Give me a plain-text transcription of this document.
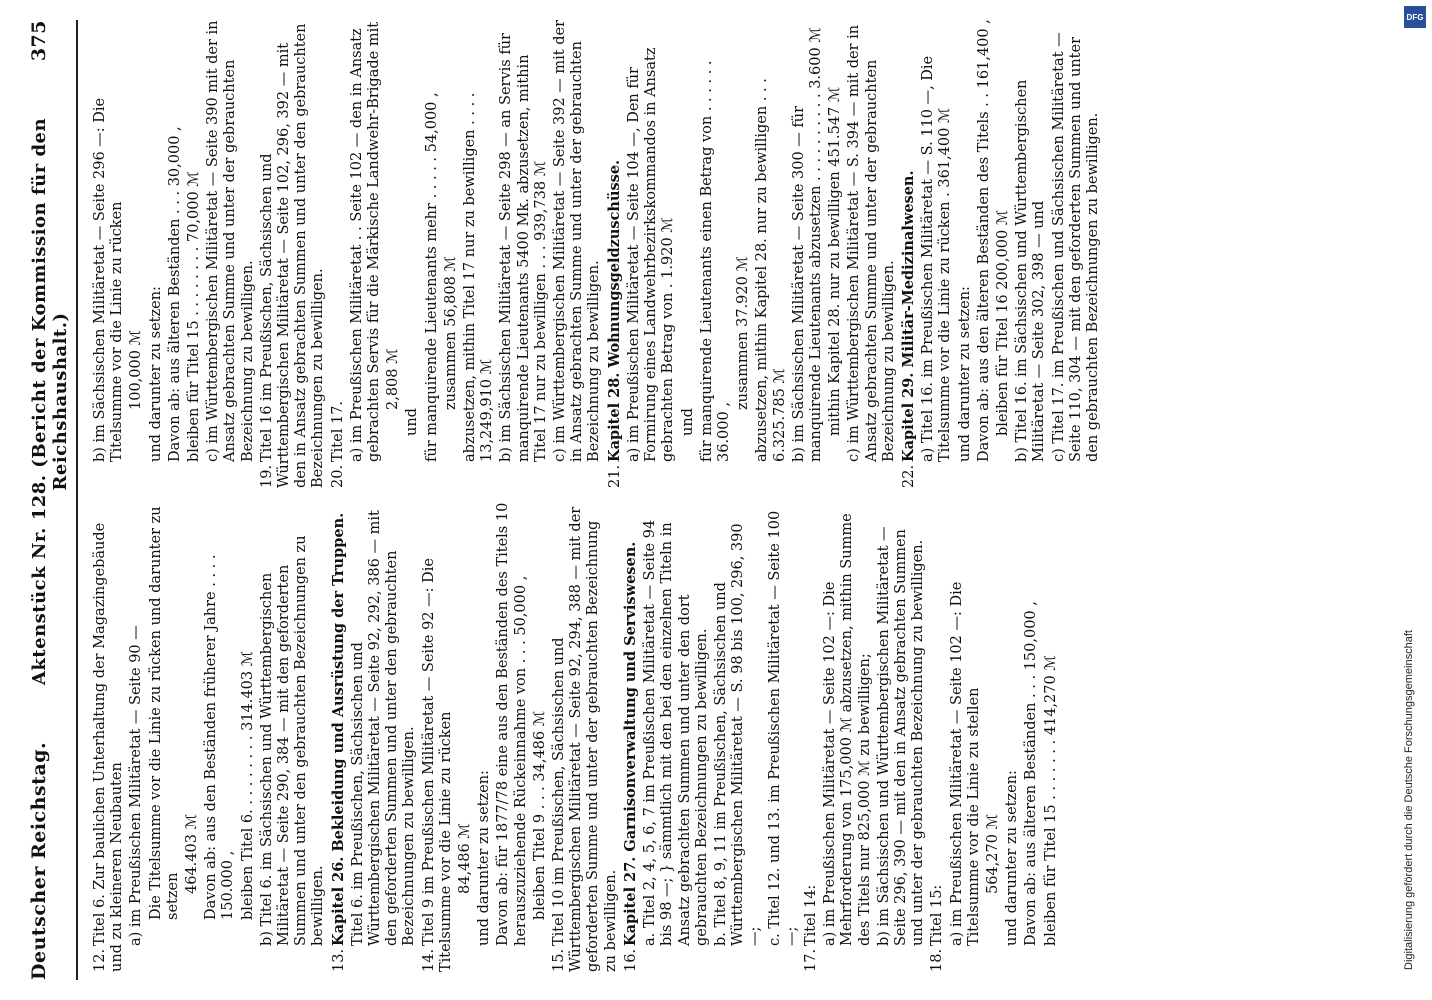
Deutscher Reichstag.
Aktenstück Nr. 128. (Bericht der Kommission für den Reichshaushalt.)
375

12.Titel 6. Zur baulichen Unterhaltung der Magazingebäude und zu kleineren Neubauten a) im Preußischen Militäretat — Seite 90 — Die Titelsumme vor die Linie zu rücken und darunter zu setzen

464.403 ℳ Davon ab: aus den Beständen früherer Jahre . . . . 150.000 , bleiben Titel 6. . . . . . . . . 314.403 ℳ b) Titel 6. im Sächsischen und Württembergischen Militäretat — Seite 290, 384 — mit den geforderten Summen und unter den gebrauchten Bezeichnungen zu bewilligen.

13.Kapitel 26. Bekleidung und Ausrüstung der Truppen. Titel 6. im Preußischen, Sächsischen und Württembergischen Militäretat — Seite 92, 292, 386 — mit den geforderten Summen und unter den gebrauchten Bezeichnungen zu bewilligen.

14.Titel 9 im Preußischen Militäretat — Seite 92 —: Die Titelsumme vor die Linie zu rücken 84,486 ℳ und darunter zu setzen: Davon ab: für 1877/78 eine aus den Beständen des Titels 10 herauszuziehende Rückeinnahme von . . . 50,000 , bleiben Titel 9 . . . 34,486 ℳ

15.Titel 10 im Preußischen, Sächsischen und Württembergischen Militäretat — Seite 92, 294, 388 — mit der geforderten Summe und unter der gebrauchten Bezeichnung zu bewilligen. 16.Kapitel 27. Garnisonverwaltung und Serviswesen. a. Titel 2, 4, 5, 6, 7 im Preußischen Militäretat — Seite 94 bis 98 —; } sämmtlich mit den bei den einzelnen Titeln in Ansatz gebrachten Summen und unter den dort gebrauchten Bezeichnungen zu bewilligen. b. Titel 8, 9, 11 im Preußischen, Sächsischen und Württembergischen Militäretat — S. 98 bis 100, 296, 390 —; c. Titel 12. und 13. im Preußischen Militäretat — Seite 100 —;

17.Titel 14: a) im Preußischen Militäretat — Seite 102 —: Die Mehrforderung von 175,000 ℳ abzusetzen, mithin Summe des Titels nur 825,000 ℳ zu bewilligen; b) im Sächsischen und Württembergischen Militäretat — Seite 296, 390 — mit den in Ansatz gebrachten Summen und unter der gebrauchten Bezeichnung zu bewilligen.

18.Titel 15: a) im Preußischen Militäretat — Seite 102 —: Die Titelsumme vor die Linie zu stellen 564,270 ℳ und darunter zu setzen: Davon ab: aus älteren Beständen . . . 150,000 , bleiben für Titel 15 . . . . . . . 414,270 ℳ

b) im Sächsischen Militäretat — Seite 296 —: Die Titelsumme vor die Linie zu rücken 100,000 ℳ und darunter zu setzen: Davon ab: aus älteren Beständen . . . 30,000 , bleiben für Titel 15 . . . . . . . . 70,000 ℳ c) im Württembergischen Militäretat — Seite 390 mit der in Ansatz gebrachten Summe und unter der gebrauchten Bezeichnung zu bewilligen.

19.Titel 16 im Preußischen, Sächsischen und Württembergischen Militäretat — Seite 102, 296, 392 — mit den in Ansatz gebrachten Summen und unter den gebrauchten Bezeichnungen zu bewilligen. 20.Titel 17. a) im Preußischen Militäretat . . Seite 102 — den in Ansatz gebrachten Servis für die Märkische Landwehr-Brigade mit 2,808 ℳ

und für manquirende Lieutenants mehr . . . . . 54,000 , zusammen 56,808 ℳ abzusetzen, mithin Titel 17 nur zu bewilligen . . . . 13,249,910 ℳ b) im Sächsischen Militäretat — Seite 298 — an Servis für manquirende Lieutenants 5400 Mk. abzusetzen, mithin Titel 17 nur zu bewilligen . . . 939,738 ℳ c) im Württembergischen Militäretat — Seite 392 — mit der in Ansatz gebrachten Summe und unter der gebrauchten Bezeichnung zu bewilligen.

21.Kapitel 28. Wohnungsgeldzuschüsse. a) im Preußischen Militäretat — Seite 104 —, Den für Formirung eines Landwehrbezirkskommandos in Ansatz gebrachten Betrag von . 1.920 ℳ und für manquirende Lieutenants einen Betrag von . . . . . . 36.000 ,

zusammen 37.920 ℳ abzusetzen, mithin Kapitel 28. nur zu bewilligen . . . 6.325.785 ℳ b) im Sächsischen Militäretat — Seite 300 — für manquirende Lieutenants abzusetzen . . . . . . . . . . 3.600 ℳ mithin Kapitel 28. nur zu bewilligen 451.547 ℳ c) im Württembergischen Militäretat — S. 394 — mit der in Ansatz gebrachten Summe und unter der gebrauchten Bezeichnung zu bewilligen.

22.Kapitel 29. Militär-Medizinalwesen. a) Titel 16. im Preußischen Militäretat — S. 110 —, Die Titelsumme vor die Linie zu rücken . 361,400 ℳ und darunter zu setzen: Davon ab: aus den älteren Beständen des Titels . . 161,400 , bleiben für Titel 16 200,000 ℳ b) Titel 16. im Sächsischen und Württembergischen Militäretat — Seite 302, 398 — und c) Titel 17. im Preußischen und Sächsischen Militäretat — Seite 110, 304 — mit den geforderten Summen und unter den gebrauchten Bezeichnungen zu bewilligen.

Digitalisierung gefördert durch die Deutsche Forschungsgemeinschaft
DFG
